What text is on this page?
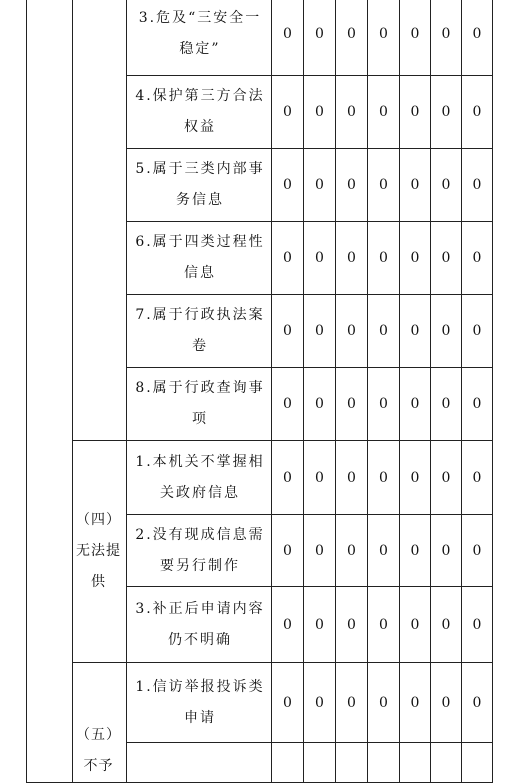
		3.危及“三安全一稳定”	0	0	0	0	0	0	0
		4.保护第三方合法权益	0	0	0	0	0	0	0
		5.属于三类内部事务信息	0	0	0	0	0	0	0
		6.属于四类过程性信息	0	0	0	0	0	0	0
		7.属于行政执法案卷	0	0	0	0	0	0	0
		8.属于行政查询事项	0	0	0	0	0	0	0

	（四）无法提供	1.本机关不掌握相关政府信息	0	0	0	0	0	0	0
		2.没有现成信息需要另行制作	0	0	0	0	0	0	0
		3.补正后申请内容仍不明确	0	0	0	0	0	0	0

	（五）不予	1.信访举报投诉类申请	0	0	0	0	0	0	0
